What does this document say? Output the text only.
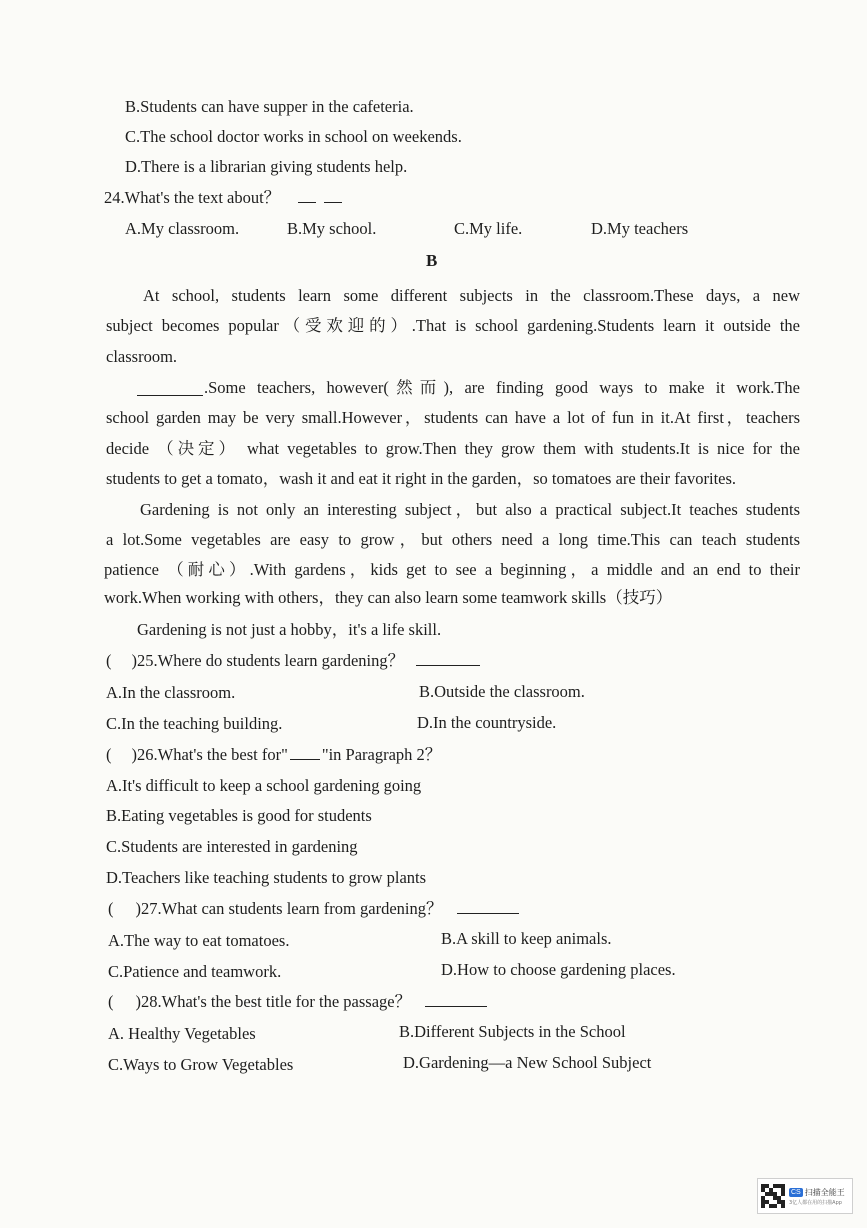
B.Students can have supper in the cafeteria.
C.The school doctor works in school on weekends.
D.There is a librarian giving students help.
24.What's the text about？
A.My classroom.	B.My school.	C.My life.	D.My teachers
B
At school, students learn some different subjects in the classroom.These days, a new
subject becomes popular（受欢迎的）.That is school gardening.Students learn it outside the
classroom.
.Some teachers, however(然而), are finding good ways to make it work.The
school garden may be very small.However，students can have a lot of fun in it.At first，teachers
decide （决定） what vegetables to grow.Then they grow them with students.It is nice for the
students to get a tomato，wash it and eat it right in the garden，so tomatoes are their favorites.
Gardening is not only an interesting subject，but also a practical subject.It teaches students
a lot.Some vegetables are easy to grow，but others need a long time.This can teach students
patience （耐心）.With gardens，kids get to see a beginning，a middle and an end to their
work.When working with others，they can also learn some teamwork skills（技巧）
Gardening is not just a hobby，it's a life skill.
( )25.Where do students learn gardening？
A.In the classroom.	B.Outside the classroom.
C.In the teaching building.	D.In the countryside.
( )26.What's the best for" "in Paragraph 2？
A.It's difficult to keep a school gardening going
B.Eating vegetables is good for students
C.Students are interested in gardening
D.Teachers like teaching students to grow plants
( )27.What can students learn from gardening？
A.The way to eat tomatoes.	B.A skill to keep animals.
C.Patience and teamwork.	D.How to choose gardening places.
( )28.What's the best title for the passage？
A. Healthy Vegetables	B.Different Subjects in the School
C.Ways to Grow Vegetables	D.Gardening—a New School Subject
CS 扫描全能王
3亿人都在用的扫描App
